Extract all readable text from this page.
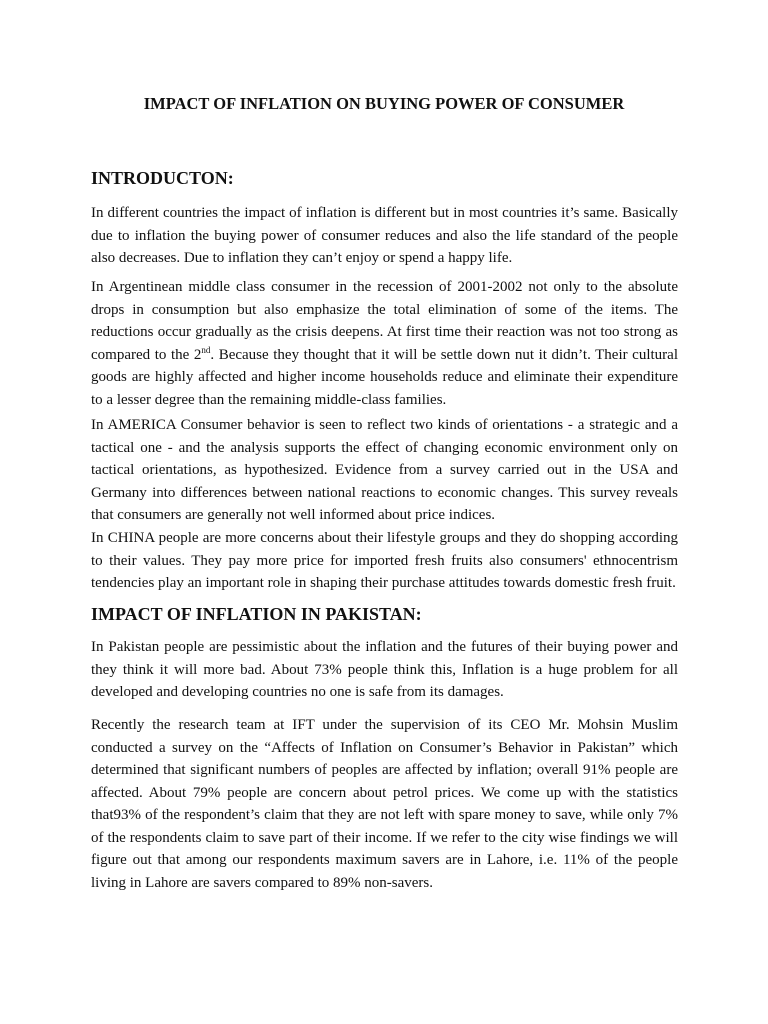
IMPACT OF INFLATION ON BUYING POWER OF CONSUMER
INTRODUCTON:

In different countries the impact of inflation is different but in most countries it’s same. Basically due to inflation the buying power of consumer reduces and also the life standard of the people also decreases. Due to inflation they can’t enjoy or spend a happy life.

In Argentinean middle class consumer in the recession of 2001-2002 not only to the absolute drops in consumption but also emphasize the total elimination of some of the items. The reductions occur gradually as the crisis deepens. At first time their reaction was not too strong as compared to the 2nd. Because they thought that it will be settle down nut it didn’t. Their cultural goods are highly affected and higher income households reduce and eliminate their expenditure to a lesser degree than the remaining middle-class families.

In AMERICA Consumer behavior is seen to reflect two kinds of orientations - a strategic and a tactical one - and the analysis supports the effect of changing economic environment only on tactical orientations, as hypothesized. Evidence from a survey carried out in the USA and Germany into differences between national reactions to economic changes. This survey reveals that consumers are generally not well informed about price indices.

In CHINA people are more concerns about their lifestyle groups and they do shopping according to their values. They pay more price for imported fresh fruits also consumers' ethnocentrism tendencies play an important role in shaping their purchase attitudes towards domestic fresh fruit.

IMPACT OF INFLATION IN PAKISTAN:

In Pakistan people are pessimistic about the inflation and the futures of their buying power and they think it will more bad. About 73% people think this, Inflation is a huge problem for all developed and developing countries no one is safe from its damages.

Recently the research team at IFT under the supervision of its CEO Mr. Mohsin Muslim conducted a survey on the “Affects of Inflation on Consumer’s Behavior in Pakistan” which determined that significant numbers of peoples are affected by inflation; overall 91% people are affected. About 79% people are concern about petrol prices. We come up with the statistics that93% of the respondent’s claim that they are not left with spare money to save, while only 7% of the respondents claim to save part of their income. If we refer to the city wise findings we will figure out that among our respondents maximum savers are in Lahore, i.e. 11% of the people living in Lahore are savers compared to 89% non-savers.
